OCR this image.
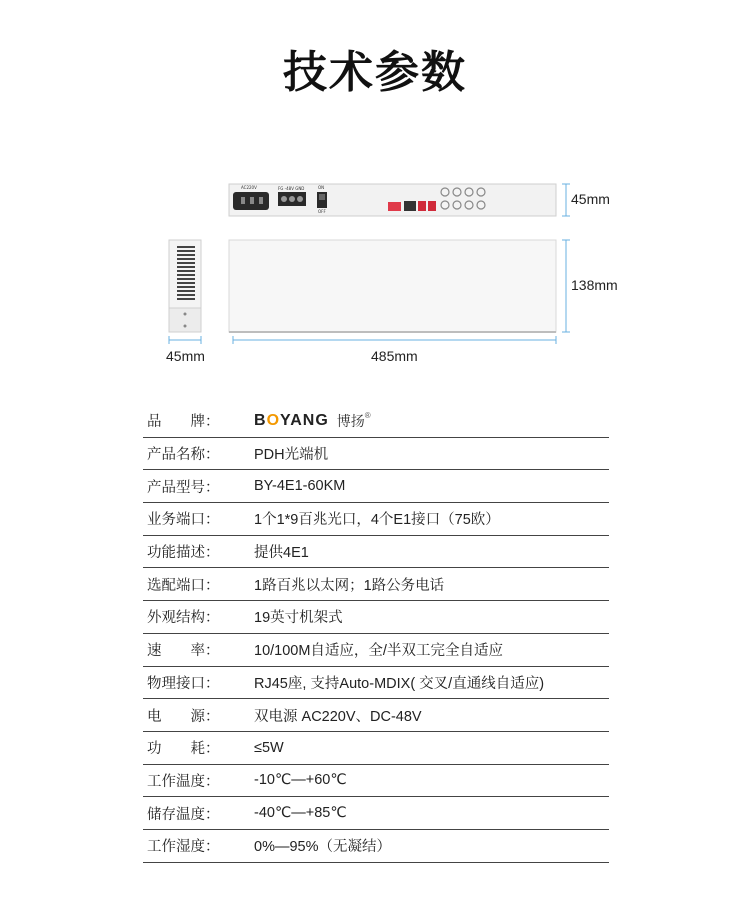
技术参数
AC220V	FG -48V GND	ON
OFF
45mm
138mm
45mm	485mm
品　　牌：	BOYANG 博扬®
产品名称：	PDH光端机
产品型号：	BY-4E1-60KM
业务端口：	1个1*9百兆光口，4个E1接口（75欧）
功能描述：	提供4E1
选配端口：	1路百兆以太网；1路公务电话
外观结构：	19英寸机架式
速　　率：	10/100M自适应，全/半双工完全自适应
物理接口：	RJ45座, 支持Auto-MDIX( 交叉/直通线自适应)
电　　源：	双电源 AC220V、DC-48V
功　　耗：	≤5W
工作温度：	-10℃—+60℃
储存温度：	-40℃—+85℃
工作湿度：	0%—95%（无凝结）
